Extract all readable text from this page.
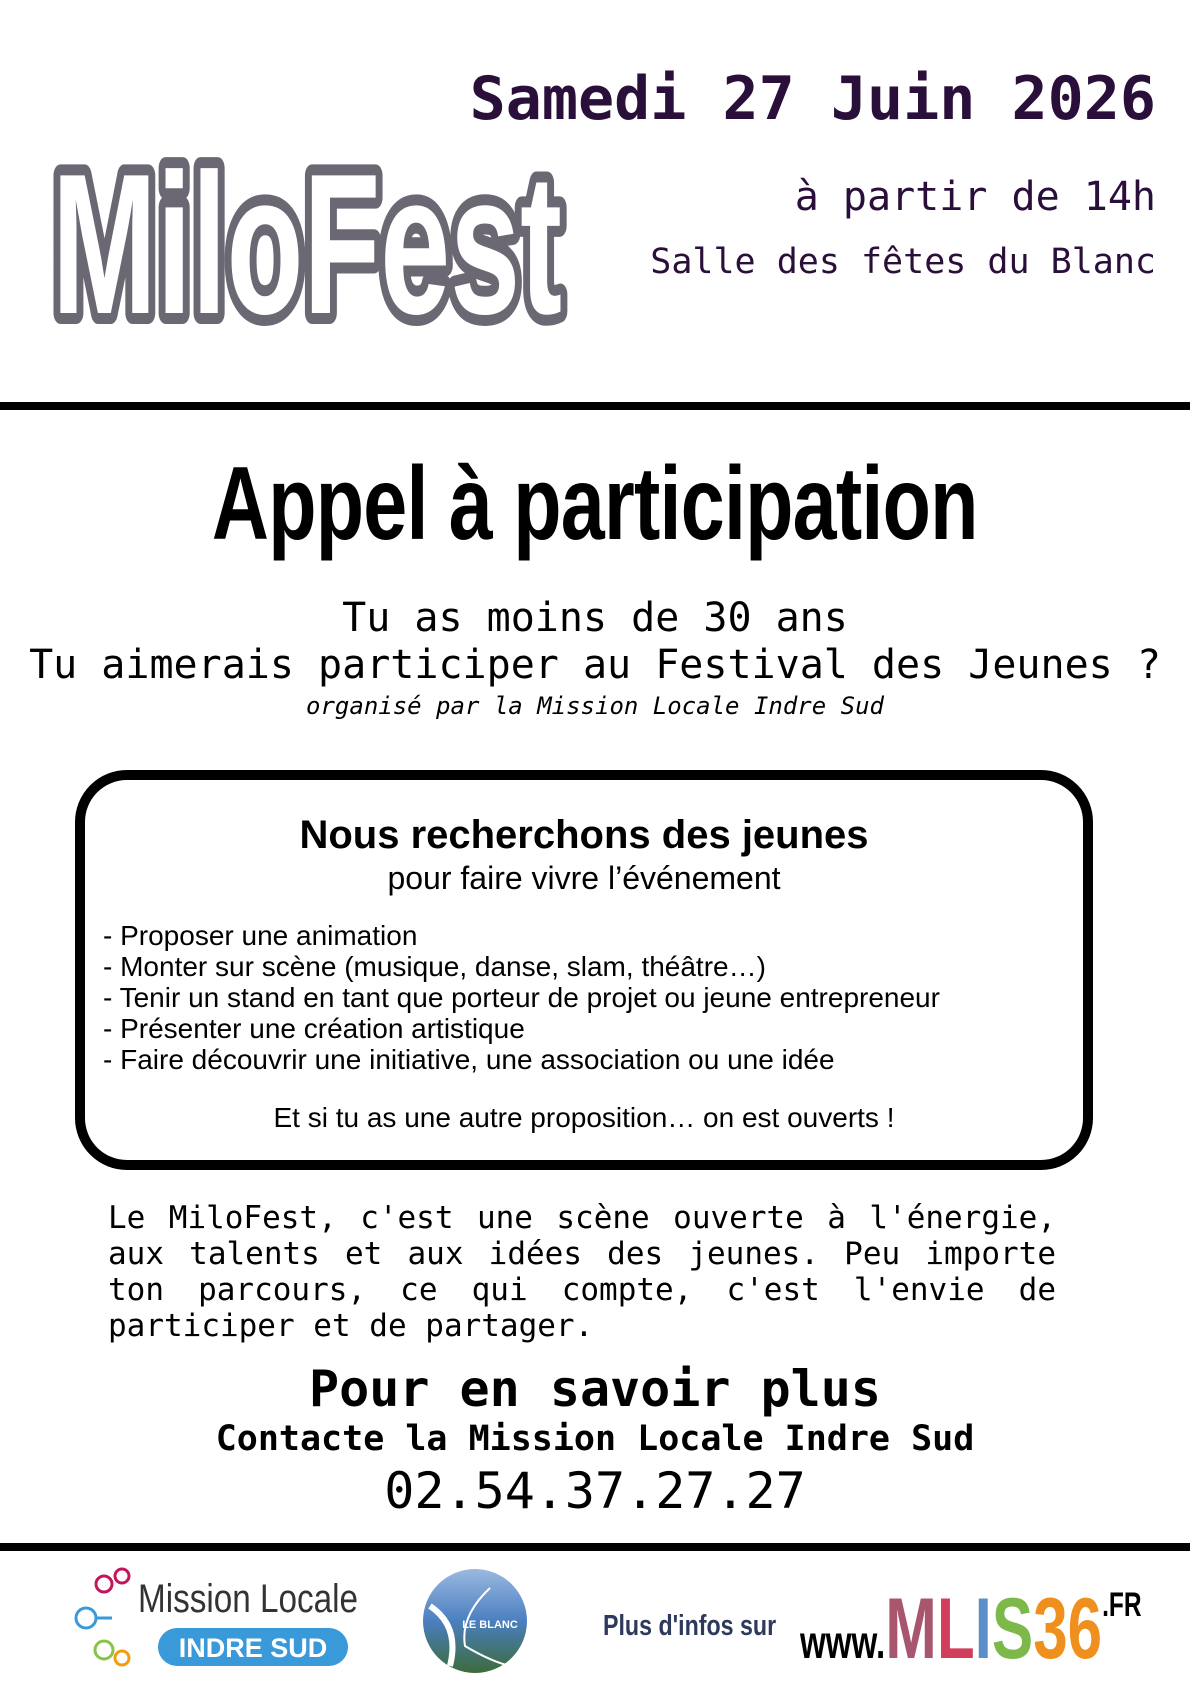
MiloFest
Samedi 27 Juin 2026
à partir de 14h
Salle des fêtes du Blanc
Appel à participation
Tu as moins de 30 ans
Tu aimerais participer au Festival des Jeunes ?
organisé par la Mission Locale Indre Sud
Nous recherchons des jeunes
pour faire vivre l’événement
- Proposer une animation
- Monter sur scène (musique, danse, slam, théâtre…)
- Tenir un stand en tant que porteur de projet ou jeune entrepreneur
- Présenter une création artistique
- Faire découvrir une initiative, une association ou une idée
Et si tu as une autre proposition… on est ouverts !
Le MiloFest, c'est une scène ouverte à l'énergie, aux talents et aux idées des jeunes. Peu importe ton parcours, ce qui compte, c'est l'envie de participer et de partager.
Pour en savoir plus
Contacte la Mission Locale Indre Sud
02.54.37.27.27
Mission Locale
INDRE SUD
LE BLANC	Plus d'infos sur www.MLIS36.FR
